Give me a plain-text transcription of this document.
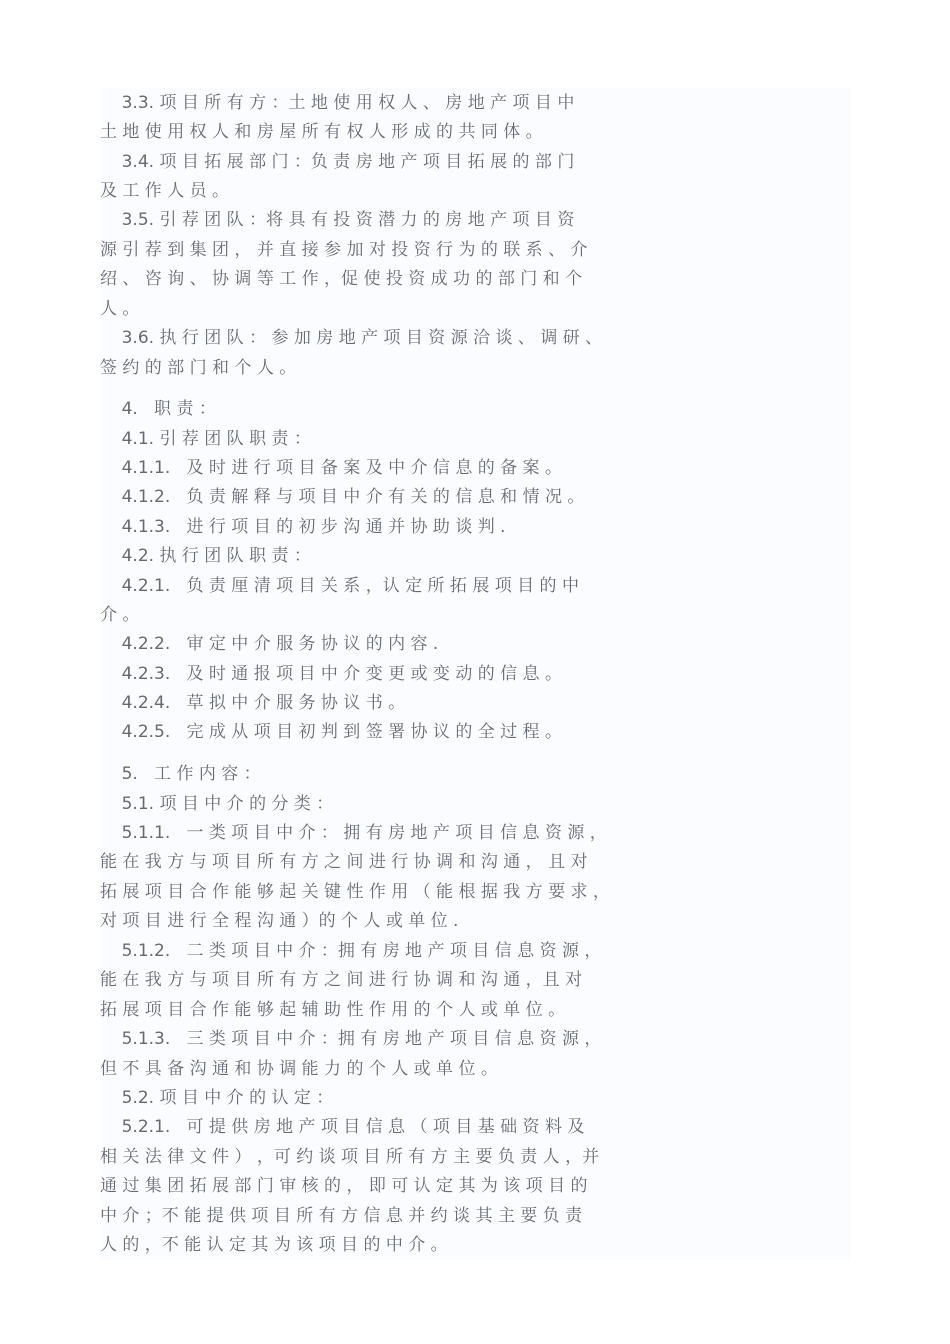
3.3. 项 目 所 有 方 ：土 地 使 用 权 人 、 房 地 产 项 目 中
土 地 使 用 权 人 和 房 屋 所 有 权 人 形 成 的 共 同 体 。
3.4. 项 目 拓 展 部 门 ：负 责 房 地 产 项 目 拓 展 的 部 门
及 工 作 人 员 。
3.5. 引 荐 团 队 ：将 具 有 投 资 潜 力 的 房 地 产 项 目 资
源 引 荐 到 集 团 ， 并 直 接 参 加 对 投 资 行 为 的 联 系 、 介
绍 、 咨 询 、 协 调 等 工 作 ，促 使 投 资 成 功 的 部 门 和 个
人 。
3.6. 执 行 团 队 ： 参 加 房 地 产 项 目 资 源 洽 谈 、 调 研 、
签 约 的 部 门 和 个 人 。
4.   职 责 ：
4.1. 引 荐 团 队 职 责 ：
4.1.1.   及 时 进 行 项 目 备 案 及 中 介 信 息 的 备 案 。
4.1.2.   负 责 解 释 与 项 目 中 介 有 关 的 信 息 和 情 况 。
4.1.3.   进 行 项 目 的 初 步 沟 通 并 协 助 谈 判 .
4.2. 执 行 团 队 职 责 ：
4.2.1.   负 责 厘 清 项 目 关 系 ，认 定 所 拓 展 项 目 的 中
介 。
4.2.2.   审 定 中 介 服 务 协 议 的 内 容 .
4.2.3.   及 时 通 报 项 目 中 介 变 更 或 变 动 的 信 息 。
4.2.4.   草 拟 中 介 服 务 协 议 书 。
4.2.5.   完 成 从 项 目 初 判 到 签 署 协 议 的 全 过 程 。
5.   工 作 内 容 ：
5.1. 项 目 中 介 的 分 类 ：
5.1.1.   一 类 项 目 中 介 ： 拥 有 房 地 产 项 目 信 息 资 源 ，
能 在 我 方 与 项 目 所 有 方 之 间 进 行 协 调 和 沟 通 ， 且 对
拓 展 项 目 合 作 能 够 起 关 键 性 作 用 （ 能 根 据 我 方 要 求 ，
对 项 目 进 行 全 程 沟 通 ）的 个 人 或 单 位 .
5.1.2.   二 类 项 目 中 介 ：拥 有 房 地 产 项 目 信 息 资 源 ，
能 在 我 方 与 项 目 所 有 方 之 间 进 行 协 调 和 沟 通 ，且 对
拓 展 项 目 合 作 能 够 起 辅 助 性 作 用 的 个 人 或 单 位 。
5.1.3.   三 类 项 目 中 介 ：拥 有 房 地 产 项 目 信 息 资 源 ，
但 不 具 备 沟 通 和 协 调 能 力 的 个 人 或 单 位 。
5.2. 项 目 中 介 的 认 定 ：
5.2.1.   可 提 供 房 地 产 项 目 信 息 （ 项 目 基 础 资 料 及
相 关 法 律 文 件 ） ，可 约 谈 项 目 所 有 方 主 要 负 责 人 ，并
通 过 集 团 拓 展 部 门 审 核 的 ， 即 可 认 定 其 为 该 项 目 的
中 介 ；不 能 提 供 项 目 所 有 方 信 息 并 约 谈 其 主 要 负 责
人 的 ，不 能 认 定 其 为 该 项 目 的 中 介 。
